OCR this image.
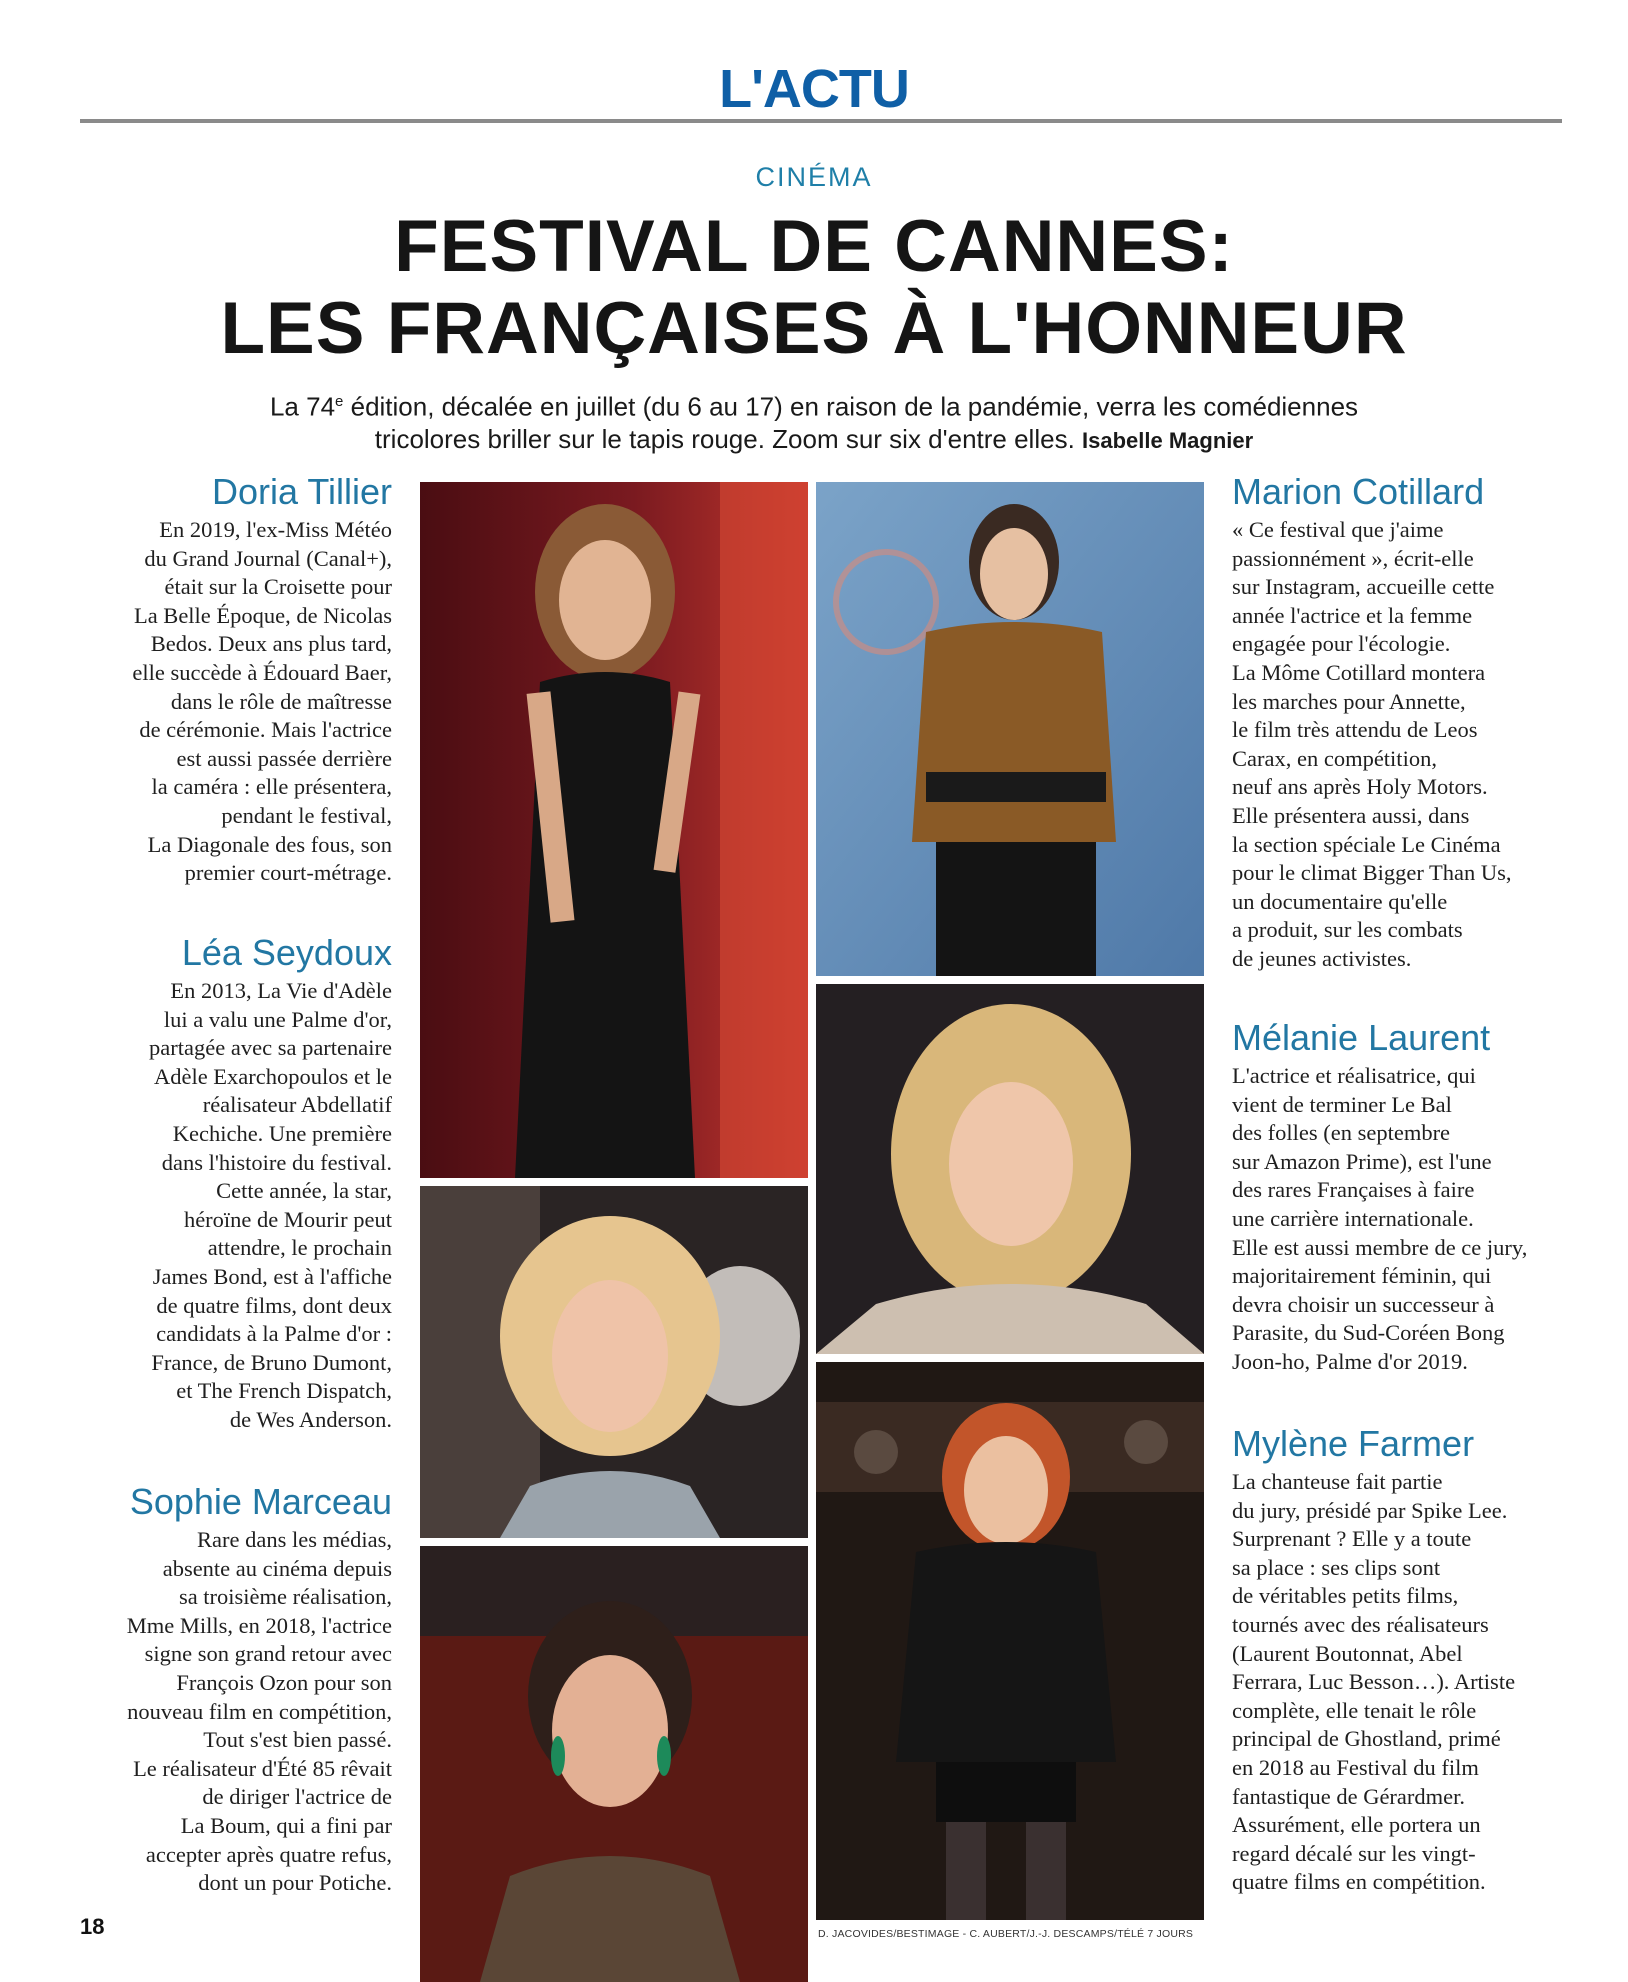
L'ACTU
CINÉMA
FESTIVAL DE CANNES:
LES FRANÇAISES À L'HONNEUR
La 74e édition, décalée en juillet (du 6 au 17) en raison de la pandémie, verra les comédiennes
tricolores briller sur le tapis rouge. Zoom sur six d'entre elles. Isabelle Magnier
Doria Tillier
En 2019, l'ex-Miss Météo
du Grand Journal (Canal+),
était sur la Croisette pour
La Belle Époque, de Nicolas
Bedos. Deux ans plus tard,
elle succède à Édouard Baer,
dans le rôle de maîtresse
de cérémonie. Mais l'actrice
est aussi passée derrière
la caméra : elle présentera,
pendant le festival,
La Diagonale des fous, son
premier court-métrage.
Léa Seydoux
En 2013, La Vie d'Adèle
lui a valu une Palme d'or,
partagée avec sa partenaire
Adèle Exarchopoulos et le
réalisateur Abdellatif
Kechiche. Une première
dans l'histoire du festival.
Cette année, la star,
héroïne de Mourir peut
attendre, le prochain
James Bond, est à l'affiche
de quatre films, dont deux
candidats à la Palme d'or :
France, de Bruno Dumont,
et The French Dispatch,
de Wes Anderson.
Sophie Marceau
Rare dans les médias,
absente au cinéma depuis
sa troisième réalisation,
Mme Mills, en 2018, l'actrice
signe son grand retour avec
François Ozon pour son
nouveau film en compétition,
Tout s'est bien passé.
Le réalisateur d'Été 85 rêvait
de diriger l'actrice de
La Boum, qui a fini par
accepter après quatre refus,
dont un pour Potiche.
Marion Cotillard
« Ce festival que j'aime
passionnément », écrit-elle
sur Instagram, accueille cette
année l'actrice et la femme
engagée pour l'écologie.
La Môme Cotillard montera
les marches pour Annette,
le film très attendu de Leos
Carax, en compétition,
neuf ans après Holy Motors.
Elle présentera aussi, dans
la section spéciale Le Cinéma
pour le climat Bigger Than Us,
un documentaire qu'elle
a produit, sur les combats
de jeunes activistes.
Mélanie Laurent
L'actrice et réalisatrice, qui
vient de terminer Le Bal
des folles (en septembre
sur Amazon Prime), est l'une
des rares Françaises à faire
une carrière internationale.
Elle est aussi membre de ce jury,
majoritairement féminin, qui
devra choisir un successeur à
Parasite, du Sud-Coréen Bong
Joon-ho, Palme d'or 2019.
Mylène Farmer
La chanteuse fait partie
du jury, présidé par Spike Lee.
Surprenant ? Elle y a toute
sa place : ses clips sont
de véritables petits films,
tournés avec des réalisateurs
(Laurent Boutonnat, Abel
Ferrara, Luc Besson…). Artiste
complète, elle tenait le rôle
principal de Ghostland, primé
en 2018 au Festival du film
fantastique de Gérardmer.
Assurément, elle portera un
regard décalé sur les vingt-
quatre films en compétition.
D. JACOVIDES/BESTIMAGE - C. AUBERT/J.-J. DESCAMPS/TÉLÉ 7 JOURS
18
